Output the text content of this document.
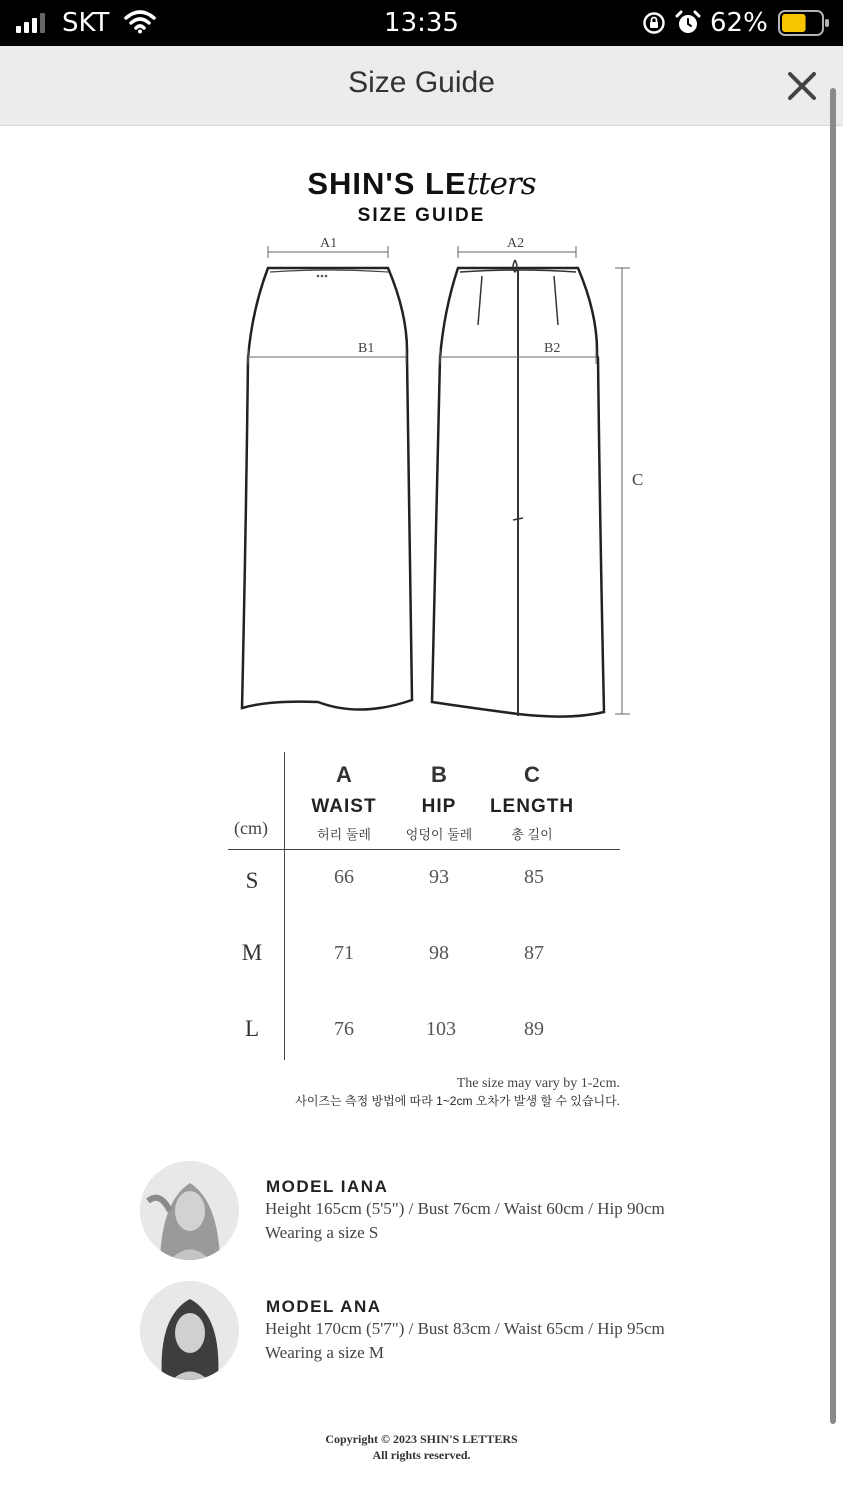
SKT	13:35	62%
Size Guide
SHIN'S LEtters
SIZE GUIDE
A1	A2
B1	B2
C
(cm)
A
WAIST
허리 둘레
B
HIP
엉덩이 둘레
C
LENGTH
총 길이
S	66	93	85
M	71	98	87
L	76	103	89
The size may vary by 1-2cm.
사이즈는 측정 방법에 따라 1~2cm 오차가 발생 할 수 있습니다.
MODEL IANA
Height 165cm (5'5") / Bust 76cm / Waist 60cm / Hip 90cm
Wearing a size S
MODEL ANA
Height 170cm (5'7") / Bust 83cm / Waist 65cm / Hip 95cm
Wearing a size M
Copyright © 2023 SHIN'S LETTERS
All rights reserved.
